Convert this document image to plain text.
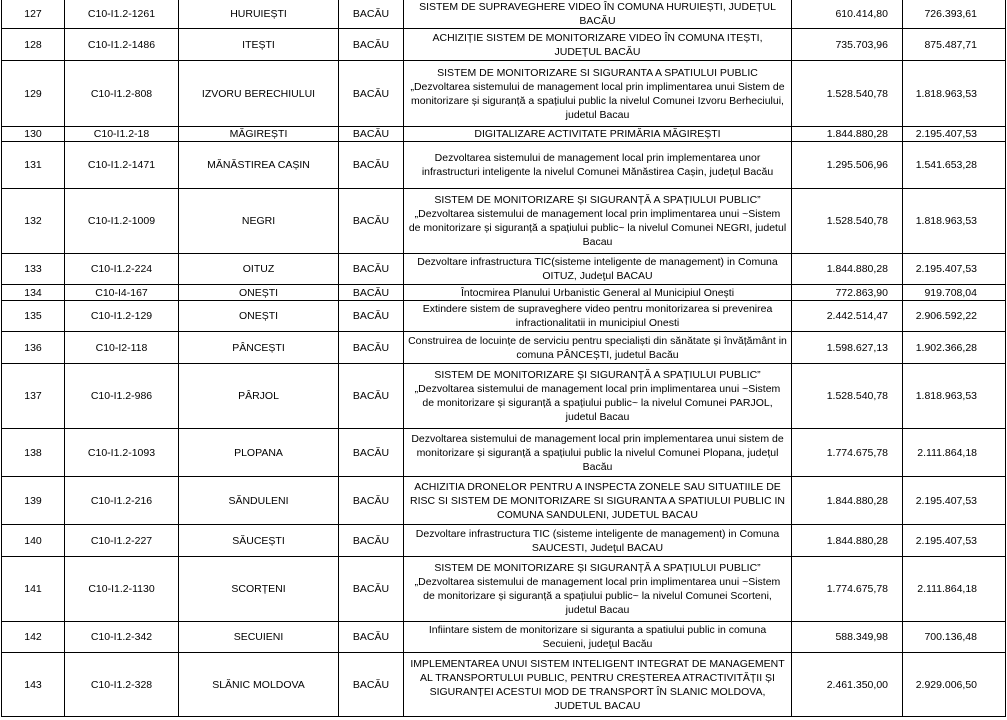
127	C10-I1.2-1261	HURUIEȘTI	BACĂU	SISTEM DE SUPRAVEGHERE VIDEO ÎN COMUNA HURUIEȘTI, JUDEȚUL BACĂU	610.414,80	726.393,61
128	C10-I1.2-1486	ITEȘTI	BACĂU	ACHIZIȚIE SISTEM DE MONITORIZARE VIDEO ÎN COMUNA ITEȘTI, JUDEȚUL BACĂU	735.703,96	875.487,71
129	C10-I1.2-808	IZVORU BERECHIULUI	BACĂU	SISTEM DE MONITORIZARE SI SIGURANTA A SPATIULUI PUBLIC „Dezvoltarea sistemului de management local prin implimentarea unui Sistem de monitorizare și siguranță a spațiului public la nivelul Comunei Izvoru Berheciului, judetul Bacau	1.528.540,78	1.818.963,53
130	C10-I1.2-18	MĂGIREȘTI	BACĂU	DIGITALIZARE ACTIVITATE PRIMĂRIA MĂGIREȘTI	1.844.880,28	2.195.407,53
131	C10-I1.2-1471	MĂNĂSTIREA CAȘIN	BACĂU	Dezvoltarea sistemului de management local prin implementarea unor infrastructuri inteligente la nivelul Comunei Mănăstirea Cașin, județul Bacău	1.295.506,96	1.541.653,28
132	C10-I1.2-1009	NEGRI	BACĂU	SISTEM DE MONITORIZARE ȘI SIGURANȚĂ A SPAȚIULUI PUBLIC” „Dezvoltarea sistemului de management local prin implimentarea unui ~Sistem de monitorizare și siguranță a spațiului public~ la nivelul Comunei NEGRI, judetul Bacau	1.528.540,78	1.818.963,53
133	C10-I1.2-224	OITUZ	BACĂU	Dezvoltare infrastructura TIC(sisteme inteligente de management) in Comuna OITUZ, Judeţul BACAU	1.844.880,28	2.195.407,53
134	C10-I4-167	ONEȘTI	BACĂU	Întocmirea Planului Urbanistic General al Municipiul Onești	772.863,90	919.708,04
135	C10-I1.2-129	ONEȘTI	BACĂU	Extindere sistem de supraveghere video pentru monitorizarea si prevenirea infractionalitatii in municipiul Onesti	2.442.514,47	2.906.592,22
136	C10-I2-118	PÂNCEȘTI	BACĂU	Construirea de locuințe de serviciu pentru specialiști din sănătate și învățământ in comuna PÂNCEȘTI, judetul Bacău	1.598.627,13	1.902.366,28
137	C10-I1.2-986	PÂRJOL	BACĂU	SISTEM DE MONITORIZARE ȘI SIGURANȚĂ A SPAȚIULUI PUBLIC” „Dezvoltarea sistemului de management local prin implimentarea unui ~Sistem de monitorizare și siguranță a spațiului public~ la nivelul Comunei PARJOL, judetul Bacau	1.528.540,78	1.818.963,53
138	C10-I1.2-1093	PLOPANA	BACĂU	Dezvoltarea sistemului de management local prin implementarea unui sistem de monitorizare și siguranță a spațiului public la nivelul Comunei Plopana, județul Bacău	1.774.675,78	2.111.864,18
139	C10-I1.2-216	SĂNDULENI	BACĂU	ACHIZITIA DRONELOR PENTRU A INSPECTA ZONELE SAU SITUATIILE DE RISC SI SISTEM DE MONITORIZARE SI SIGURANTA A SPATIULUI PUBLIC IN COMUNA SANDULENI, JUDETUL BACAU	1.844.880,28	2.195.407,53
140	C10-I1.2-227	SĂUCEȘTI	BACĂU	Dezvoltare infrastructura TIC (sisteme inteligente de management) in Comuna SAUCESTI, Judeţul BACAU	1.844.880,28	2.195.407,53
141	C10-I1.2-1130	SCORȚENI	BACĂU	SISTEM DE MONITORIZARE ȘI SIGURANȚĂ A SPAȚIULUI PUBLIC” „Dezvoltarea sistemului de management local prin implimentarea unui ~Sistem de monitorizare și siguranță a spațiului public~ la nivelul Comunei Scorteni, judetul Bacau	1.774.675,78	2.111.864,18
142	C10-I1.2-342	SECUIENI	BACĂU	Infiintare sistem de monitorizare si siguranta a spatiului public in comuna Secuieni, judeţul Bacău	588.349,98	700.136,48
143	C10-I1.2-328	SLĂNIC MOLDOVA	BACĂU	IMPLEMENTAREA UNUI SISTEM INTELIGENT INTEGRAT DE MANAGEMENT AL TRANSPORTULUI PUBLIC, PENTRU CREȘTEREA ATRACTIVITĂȚII ȘI SIGURANȚEI ACESTUI MOD DE TRANSPORT ÎN SLANIC MOLDOVA, JUDETUL BACAU	2.461.350,00	2.929.006,50
